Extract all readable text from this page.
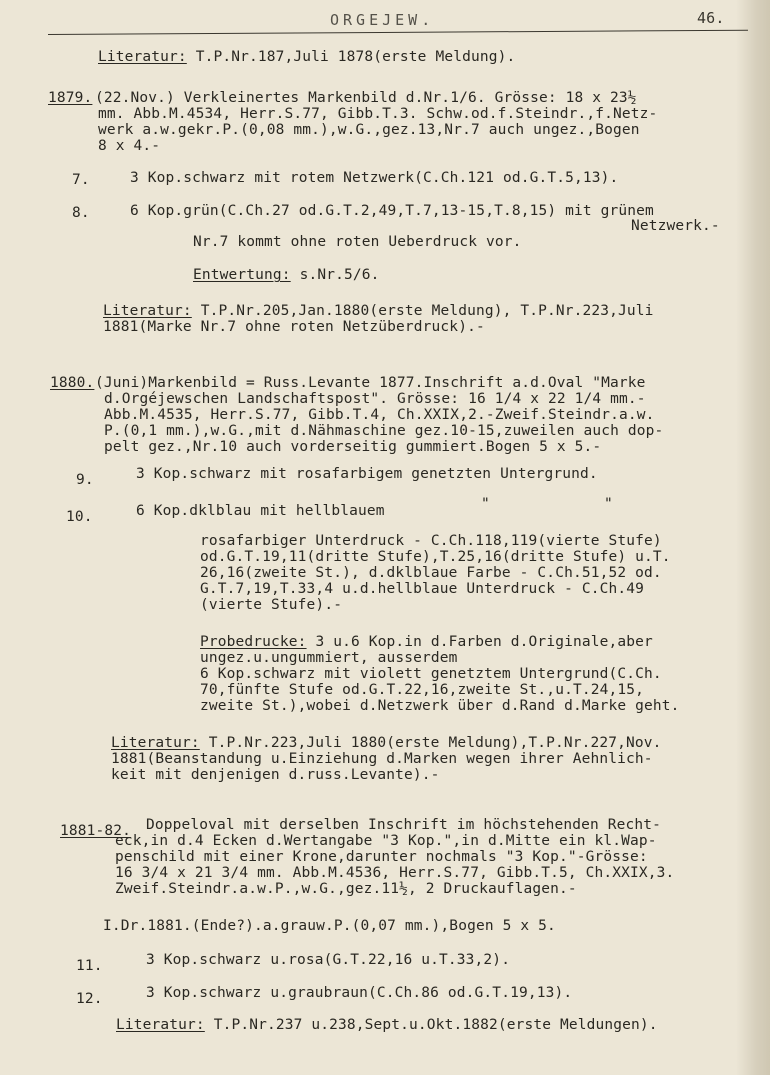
ORGEJEW.	46.
Literatur: T.P.Nr.187,Juli 1878(erste Meldung).
1879. (22.Nov.) Verkleinertes Markenbild d.Nr.1/6. Grösse: 18 x 23½
mm. Abb.M.4534, Herr.S.77, Gibb.T.3. Schw.od.f.Steindr.,f.Netz-
werk a.w.gekr.P.(0,08 mm.),w.G.,gez.13,Nr.7 auch ungez.,Bogen
8 x 4.-
7.	3 Kop.schwarz mit rotem Netzwerk(C.Ch.121 od.G.T.5,13).
8.	6 Kop.grün(C.Ch.27 od.G.T.2,49,T.7,13-15,T.8,15) mit grünem
Netzwerk.-
Nr.7 kommt ohne roten Ueberdruck vor.
Entwertung: s.Nr.5/6.
Literatur: T.P.Nr.205,Jan.1880(erste Meldung), T.P.Nr.223,Juli
1881(Marke Nr.7 ohne roten Netzüberdruck).-
1880. (Juni)Markenbild = Russ.Levante 1877.Inschrift a.d.Oval "Marke
d.Orgéjewschen Landschaftspost". Grösse: 16 1/4 x 22 1/4 mm.-
Abb.M.4535, Herr.S.77, Gibb.T.4, Ch.XXIX,2.-Zweif.Steindr.a.w.
P.(0,1 mm.),w.G.,mit d.Nähmaschine gez.10-15,zuweilen auch dop-
pelt gez.,Nr.10 auch vorderseitig gummiert.Bogen 5 x 5.-
9.	3 Kop.schwarz mit rosafarbigem genetzten Untergrund.
10.	6 Kop.dklblau mit hellblauem	"	"
rosafarbiger Unterdruck - C.Ch.118,119(vierte Stufe)
od.G.T.19,11(dritte Stufe),T.25,16(dritte Stufe) u.T.
26,16(zweite St.), d.dklblaue Farbe - C.Ch.51,52 od.
G.T.7,19,T.33,4 u.d.hellblaue Unterdruck - C.Ch.49
(vierte Stufe).-
Probedrucke: 3 u.6 Kop.in d.Farben d.Originale,aber
ungez.u.ungummiert, ausserdem
6 Kop.schwarz mit violett genetztem Untergrund(C.Ch.
70,fünfte Stufe od.G.T.22,16,zweite St.,u.T.24,15,
zweite St.),wobei d.Netzwerk über d.Rand d.Marke geht.
Literatur: T.P.Nr.223,Juli 1880(erste Meldung),T.P.Nr.227,Nov.
1881(Beanstandung u.Einziehung d.Marken wegen ihrer Aehnlich-
keit mit denjenigen d.russ.Levante).-
1881-82. Doppeloval mit derselben Inschrift im höchstehenden Recht-
eck,in d.4 Ecken d.Wertangabe "3 Kop.",in d.Mitte ein kl.Wap-
penschild mit einer Krone,darunter nochmals "3 Kop."-Grösse:
16 3/4 x 21 3/4 mm. Abb.M.4536, Herr.S.77, Gibb.T.5, Ch.XXIX,3.
Zweif.Steindr.a.w.P.,w.G.,gez.11½, 2 Druckauflagen.-
I.Dr.1881.(Ende?).a.grauw.P.(0,07 mm.),Bogen 5 x 5.
11.	3 Kop.schwarz u.rosa(G.T.22,16 u.T.33,2).
12.	3 Kop.schwarz u.graubraun(C.Ch.86 od.G.T.19,13).
Literatur: T.P.Nr.237 u.238,Sept.u.Okt.1882(erste Meldungen).
